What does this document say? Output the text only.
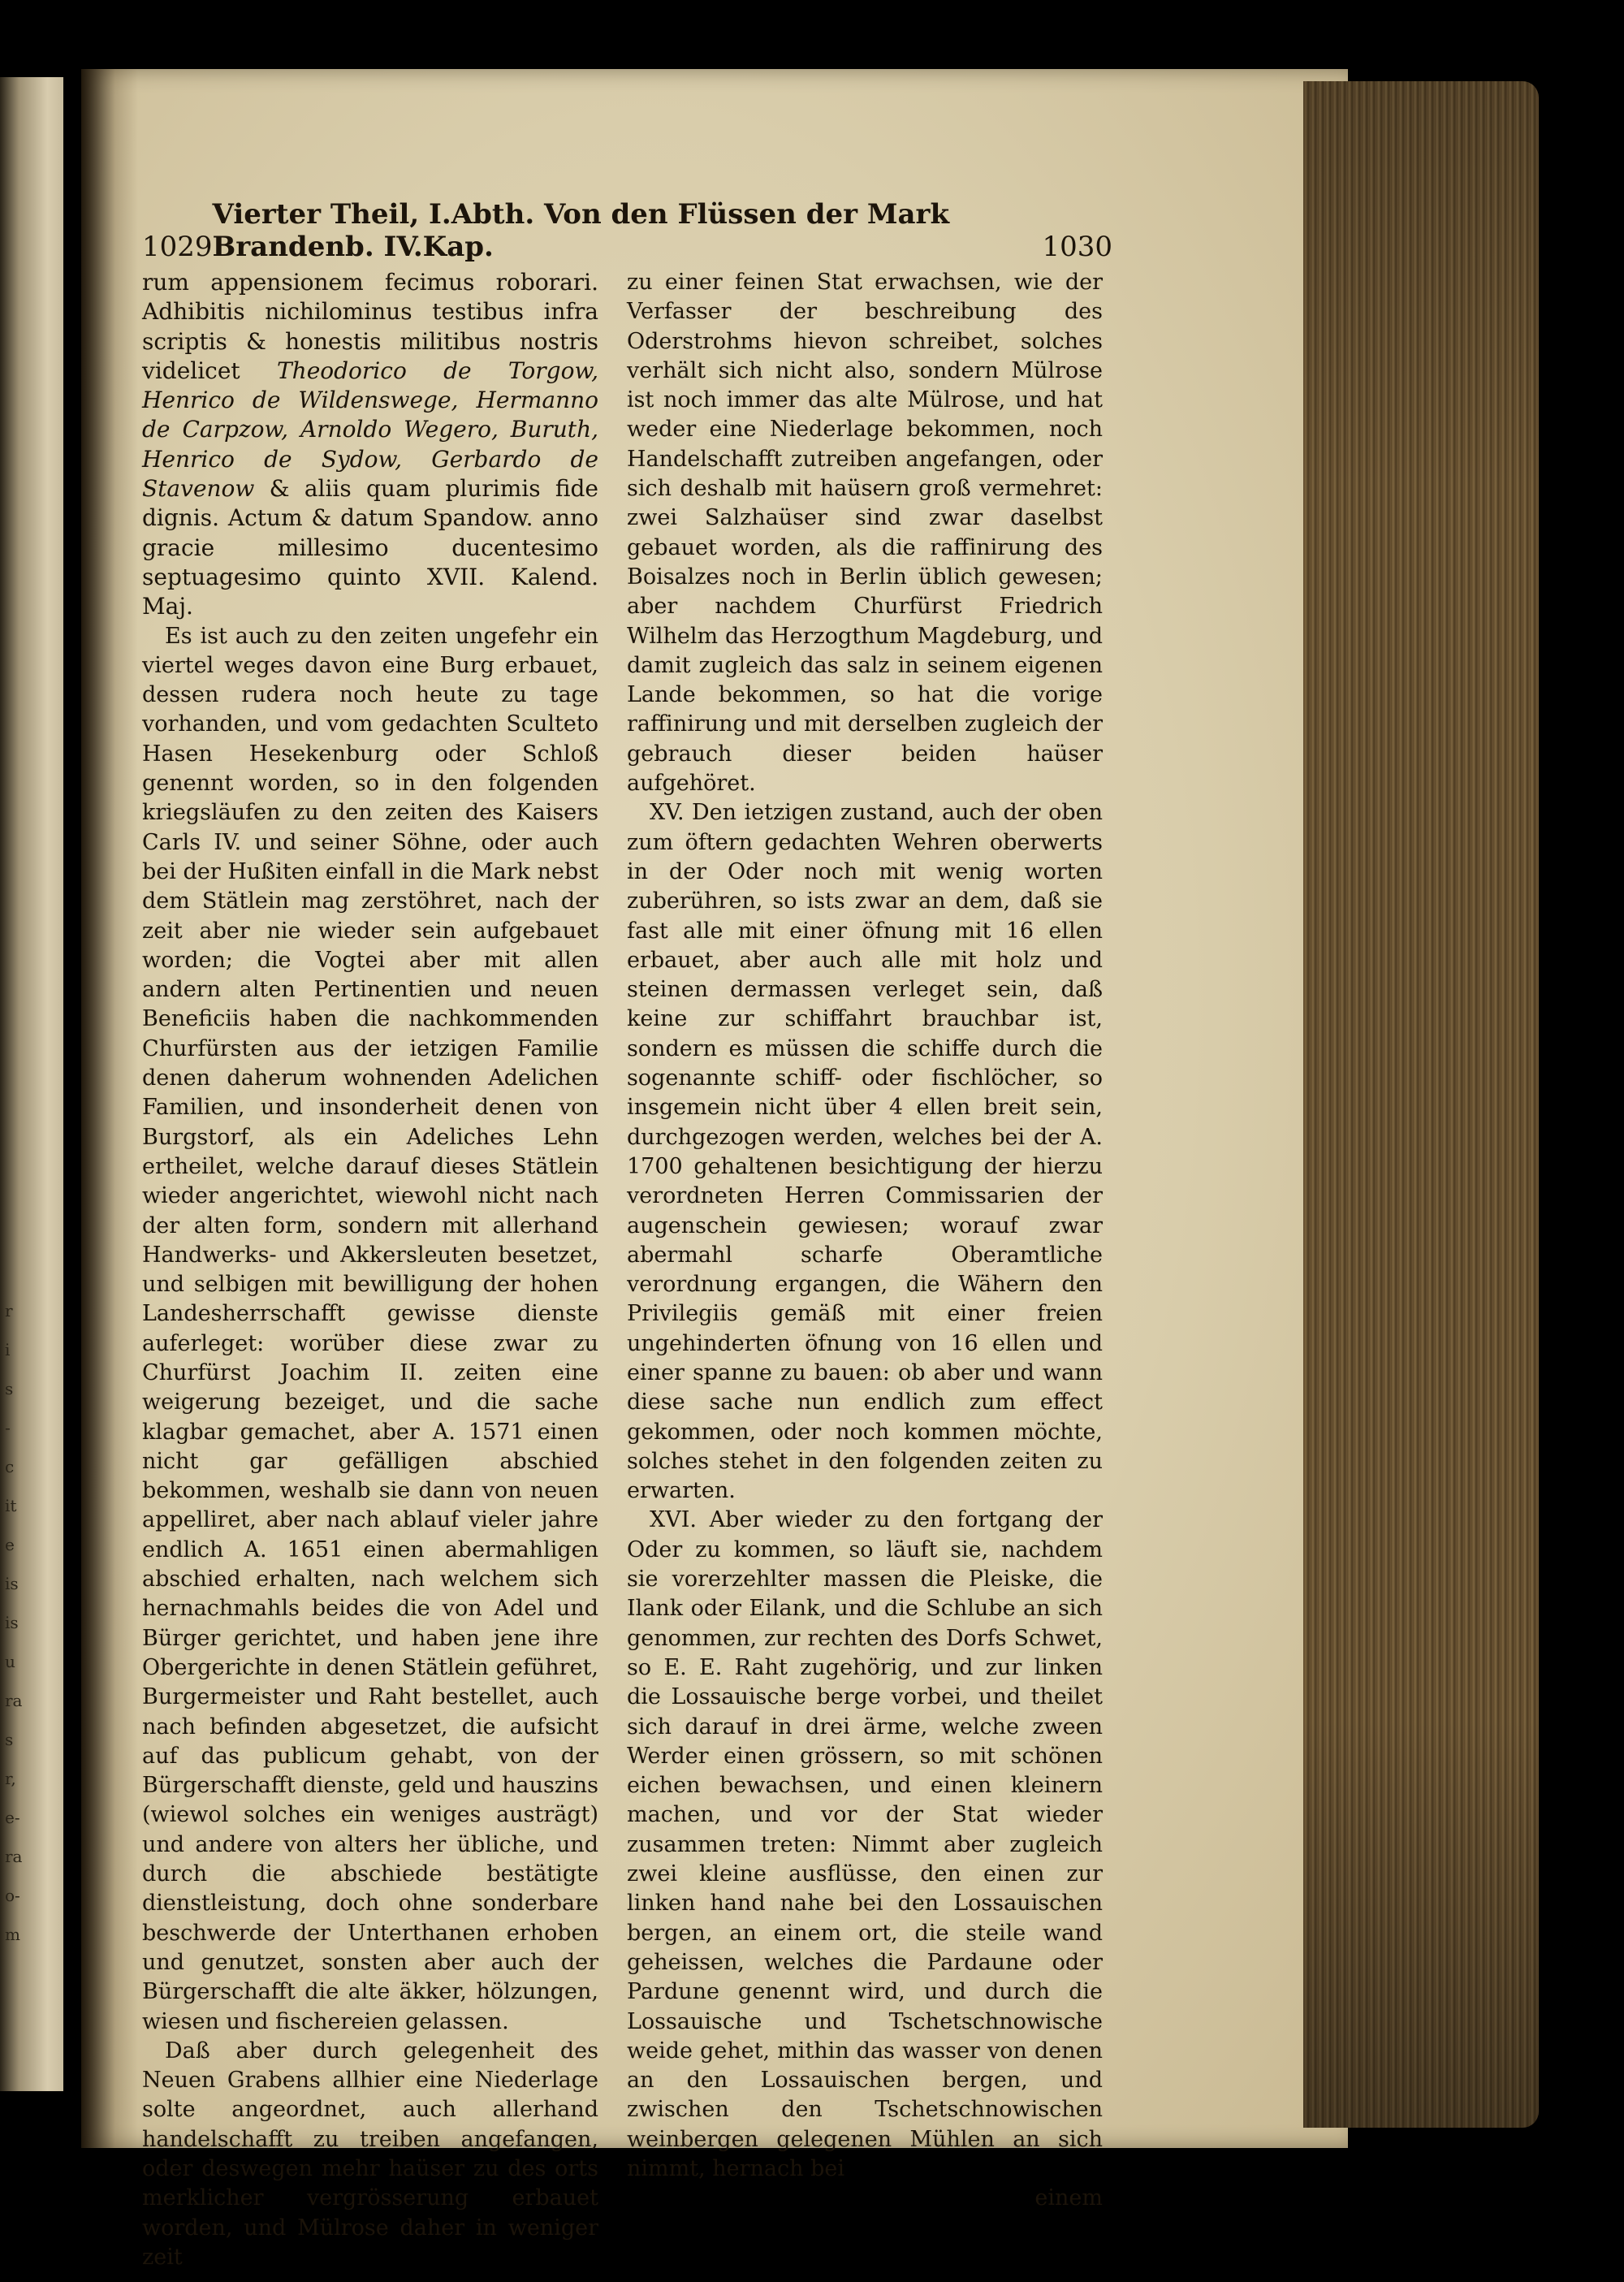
r
i
s
-
c
it
e
is
is
u
ra
s
r,
e-
ra
o-
m
1029
Vierter Theil, I.Abth. Von den Flüssen der Mark Brandenb. IV.Kap.	1030

rum appensionem fecimus roborari. Adhibitis nichilominus testibus infra scriptis & honestis militibus nostris videlicet Theodorico de Torgow, Henrico de Wildenswege, Hermanno de Carpzow, Arnoldo Wegero, Buruth, Henrico de Sydow, Gerbardo de Stavenow & aliis quam plurimis fide dignis. Actum & datum Spandow. anno gracie millesimo ducentesimo septuagesimo quinto XVII. Kalend. Maj.

Es ist auch zu den zeiten ungefehr ein viertel weges davon eine Burg erbauet, dessen rudera noch heute zu tage vorhanden, und vom gedachten Sculteto Hasen Hesekenburg oder Schloß genennt worden, so in den folgenden kriegsläufen zu den zeiten des Kaisers Carls IV. und seiner Söhne, oder auch bei der Hußiten einfall in die Mark nebst dem Stätlein mag zerstöhret, nach der zeit aber nie wieder sein aufgebauet worden; die Vogtei aber mit allen andern alten Pertinentien und neuen Beneficiis haben die nachkommenden Churfürsten aus der ietzigen Familie denen daherum wohnenden Adelichen Familien, und insonderheit denen von Burgstorf, als ein Adeliches Lehn ertheilet, welche darauf dieses Stätlein wieder angerichtet, wiewohl nicht nach der alten form, sondern mit allerhand Handwerks- und Akkersleuten besetzet, und selbigen mit bewilligung der hohen Landesherrschafft gewisse dienste auferleget: worüber diese zwar zu Churfürst Joachim II. zeiten eine weigerung bezeiget, und die sache klagbar gemachet, aber A. 1571 einen nicht gar gefälligen abschied bekommen, weshalb sie dann von neuen appelliret, aber nach ablauf vieler jahre endlich A. 1651 einen abermahligen abschied erhalten, nach welchem sich hernachmahls beides die von Adel und Bürger gerichtet, und haben jene ihre Obergerichte in denen Stätlein geführet, Burgermeister und Raht bestellet, auch nach befinden abgesetzet, die aufsicht auf das publicum gehabt, von der Bürgerschafft dienste, geld und hauszins (wiewol solches ein weniges austrägt) und andere von alters her übliche, und durch die abschiede bestätigte dienstleistung, doch ohne sonderbare beschwerde der Unterthanen erhoben und genutzet, sonsten aber auch der Bürgerschafft die alte äkker, hölzungen, wiesen und fischereien gelassen.

Daß aber durch gelegenheit des Neuen Grabens allhier eine Niederlage solte angeordnet, auch allerhand handelschafft zu treiben angefangen, oder deswegen mehr haüser zu des orts merklicher vergrösserung erbauet worden, und Mülrose daher in weniger zeit

zu einer feinen Stat erwachsen, wie der Verfasser der beschreibung des Oderstrohms hievon schreibet, solches verhält sich nicht also, sondern Mülrose ist noch immer das alte Mülrose, und hat weder eine Niederlage bekommen, noch Handelschafft zutreiben angefangen, oder sich deshalb mit haüsern groß vermehret: zwei Salzhaüser sind zwar daselbst gebauet worden, als die raffinirung des Boisalzes noch in Berlin üblich gewesen; aber nachdem Churfürst Friedrich Wilhelm das Herzogthum Magdeburg, und damit zugleich das salz in seinem eigenen Lande bekommen, so hat die vorige raffinirung und mit derselben zugleich der gebrauch dieser beiden haüser aufgehöret.

XV. Den ietzigen zustand, auch der oben zum öftern gedachten Wehren oberwerts in der Oder noch mit wenig worten zuberühren, so ists zwar an dem, daß sie fast alle mit einer öfnung mit 16 ellen erbauet, aber auch alle mit holz und steinen dermassen verleget sein, daß keine zur schiffahrt brauchbar ist, sondern es müssen die schiffe durch die sogenannte schiff- oder fischlöcher, so insgemein nicht über 4 ellen breit sein, durchgezogen werden, welches bei der A. 1700 gehaltenen besichtigung der hierzu verordneten Herren Commissarien der augenschein gewiesen; worauf zwar abermahl scharfe Oberamtliche verordnung ergangen, die Wähern den Privilegiis gemäß mit einer freien ungehinderten öfnung von 16 ellen und einer spanne zu bauen: ob aber und wann diese sache nun endlich zum effect gekommen, oder noch kommen möchte, solches stehet in den folgenden zeiten zu erwarten.

XVI. Aber wieder zu den fortgang der Oder zu kommen, so läuft sie, nachdem sie vorerzehlter massen die Pleiske, die Ilank oder Eilank, und die Schlube an sich genommen, zur rechten des Dorfs Schwet, so E. E. Raht zugehörig, und zur linken die Lossauische berge vorbei, und theilet sich darauf in drei ärme, welche zween Werder einen grössern, so mit schönen eichen bewachsen, und einen kleinern machen, und vor der Stat wieder zusammen treten: Nimmt aber zugleich zwei kleine ausflüsse, den einen zur linken hand nahe bei den Lossauischen bergen, an einem ort, die steile wand geheissen, welches die Pardaune oder Pardune genennt wird, und durch die Lossauische und Tschetschnowische weide gehet, mithin das wasser von denen an den Lossauischen bergen, und zwischen den Tschetschnowischen weinbergen gelegenen Mühlen an sich nimmt, hernach bei

einem
